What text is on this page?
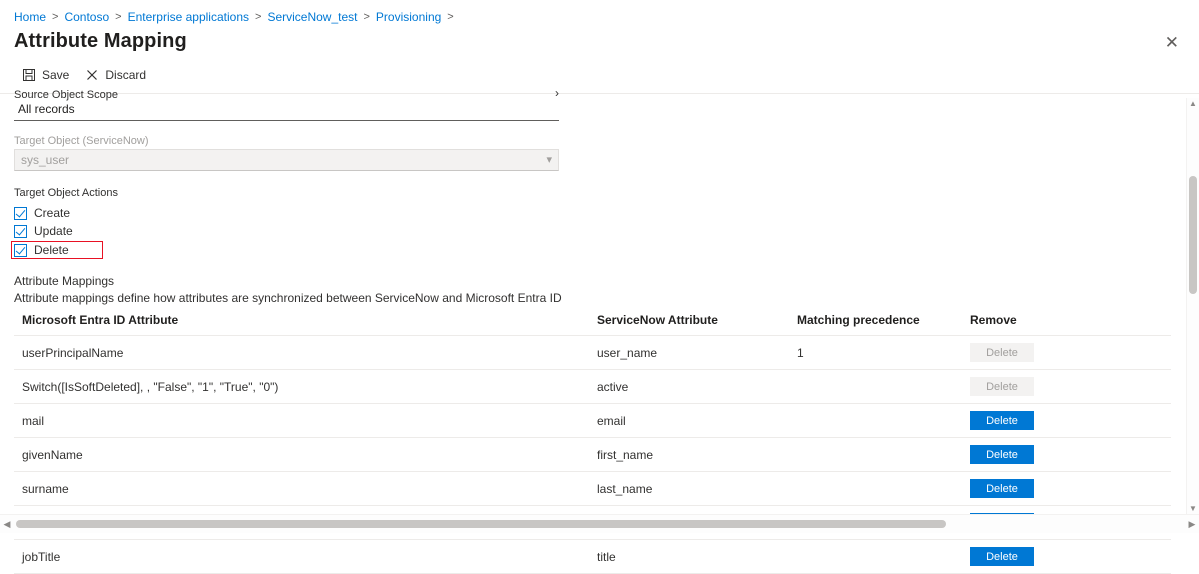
Home > Contoso > Enterprise applications > ServiceNow_test > Provisioning >
Attribute Mapping	✕
Save	Discard
Source Object Scope	›
All records
Target Object (ServiceNow)
sys_user	▾
Target Object Actions
Create
Update
Delete
Attribute Mappings
Attribute mappings define how attributes are synchronized between ServiceNow and Microsoft Entra ID
Microsoft Entra ID Attribute	ServiceNow Attribute	Matching precedence	Remove
userPrincipalName	user_name	1	Delete
Switch([IsSoftDeleted], , "False", "1", "True", "0")	active		Delete
mail	email		Delete
givenName	first_name		Delete
surname	last_name		Delete

jobTitle	title		Delete
▲
▼
◀	▶
